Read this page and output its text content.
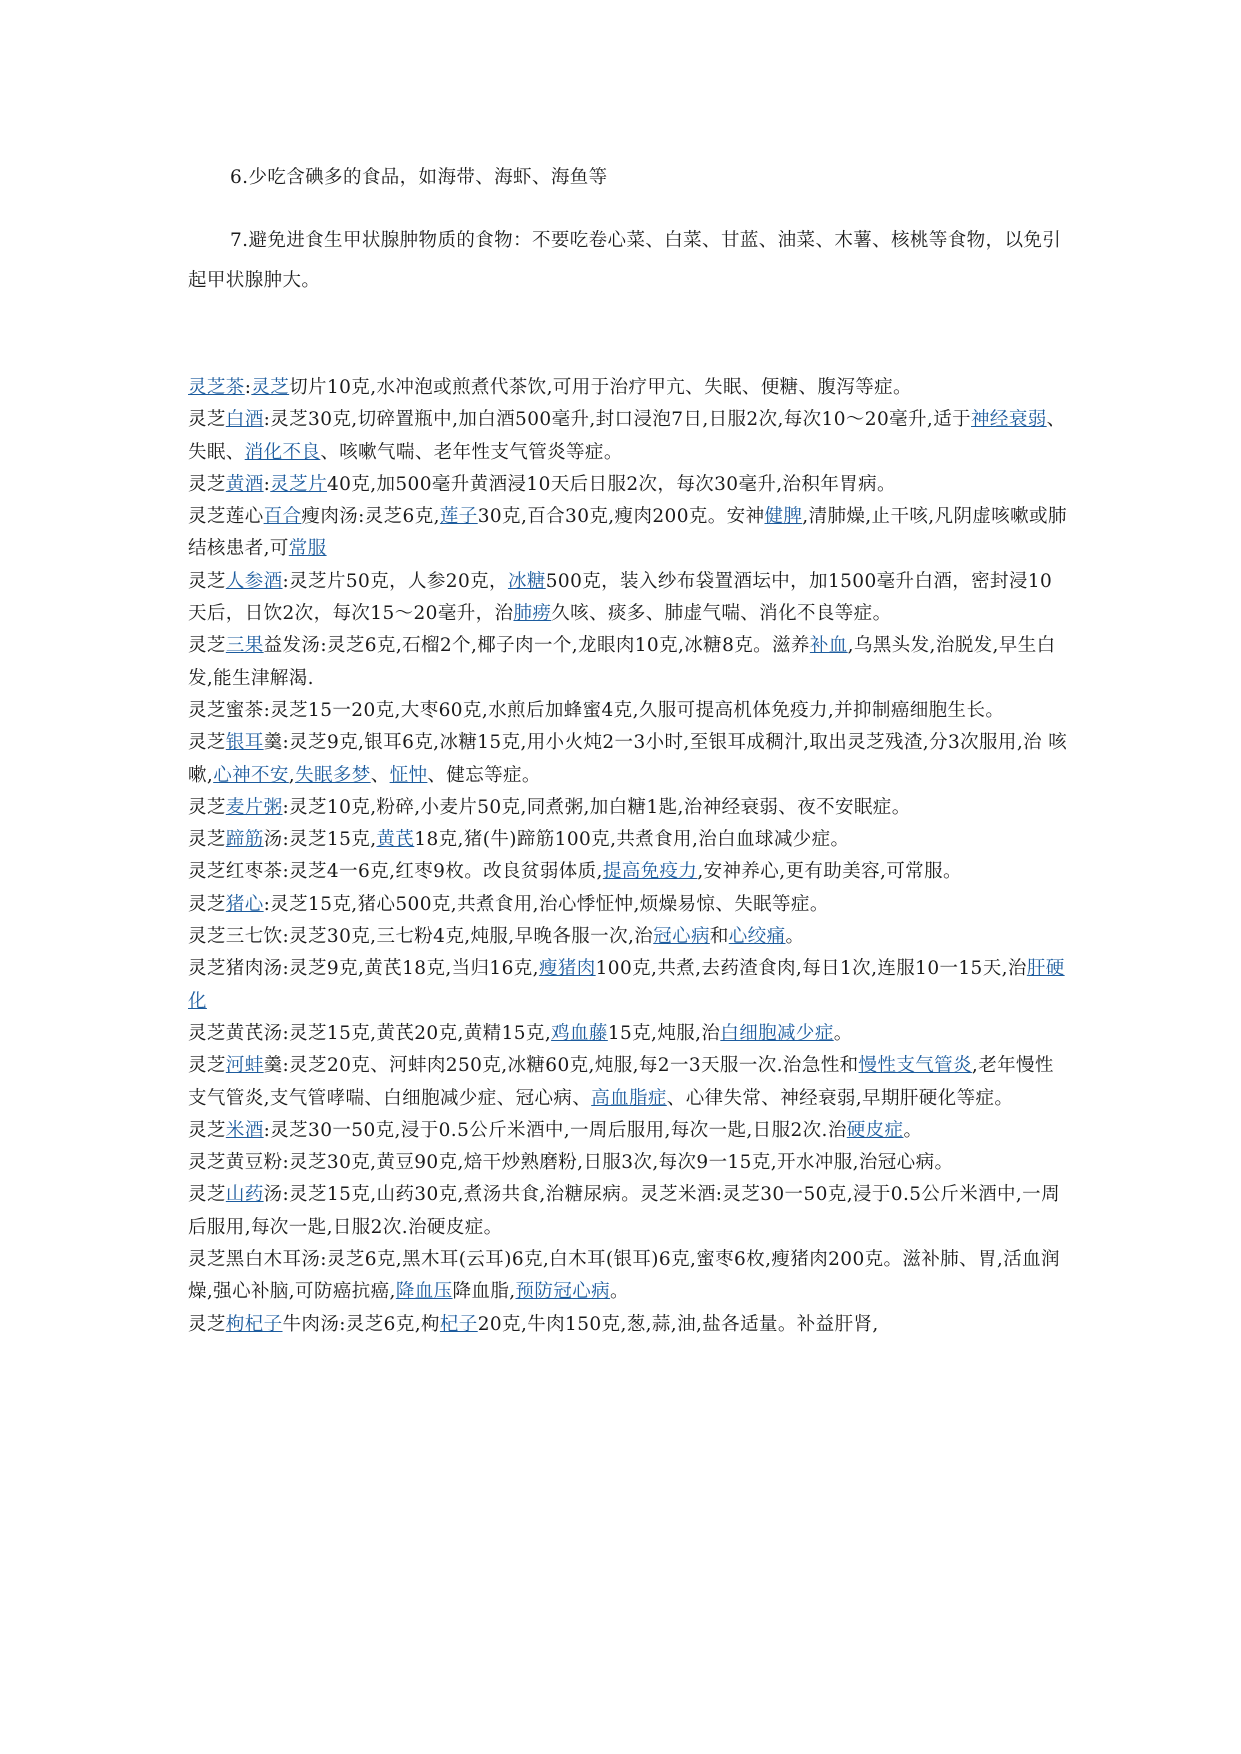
6.少吃含碘多的食品，如海带、海虾、海鱼等

7.避免进食生甲状腺肿物质的食物：不要吃卷心菜、白菜、甘蓝、油菜、木薯、核桃等食物，以免引起甲状腺肿大。

灵芝茶:灵芝切片10克,水冲泡或煎煮代茶饮,可用于治疗甲亢、失眠、便糖、腹泻等症。

灵芝白酒:灵芝30克,切碎置瓶中,加白酒500毫升,封口浸泡7日,日服2次,每次10～20毫升,适于神经衰弱、失眠、消化不良、咳嗽气喘、老年性支气管炎等症。

灵芝黄酒:灵芝片40克,加500毫升黄酒浸10天后日服2次，每次30毫升,治积年胃病。

灵芝莲心百合瘦肉汤:灵芝6克,莲子30克,百合30克,瘦肉200克。安神健脾,清肺燥,止干咳,凡阴虚咳嗽或肺结核患者,可常服

灵芝人参酒:灵芝片50克，人参20克，冰糖500克，装入纱布袋置酒坛中，加1500毫升白酒，密封浸10天后，日饮2次，每次15～20毫升，治肺痨久咳、痰多、肺虚气喘、消化不良等症。

灵芝三果益发汤:灵芝6克,石榴2个,椰子肉一个,龙眼肉10克,冰糖8克。滋养补血,乌黑头发,治脱发,早生白发,能生津解渴.

灵芝蜜茶:灵芝15一20克,大枣60克,水煎后加蜂蜜4克,久服可提高机体免疫力,并抑制癌细胞生长。

灵芝银耳羹:灵芝9克,银耳6克,冰糖15克,用小火炖2一3小时,至银耳成稠汁,取出灵芝残渣,分3次服用,治 咳嗽,心神不安,失眠多梦、怔忡、健忘等症。

灵芝麦片粥:灵芝10克,粉碎,小麦片50克,同煮粥,加白糖1匙,治神经衰弱、夜不安眠症。

灵芝蹄筋汤:灵芝15克,黄芪18克,猪(牛)蹄筋100克,共煮食用,治白血球减少症。

灵芝红枣茶:灵芝4一6克,红枣9枚。改良贫弱体质,提高免疫力,安神养心,更有助美容,可常服。

灵芝猪心:灵芝15克,猪心500克,共煮食用,治心悸怔忡,烦燥易惊、失眠等症。

灵芝三七饮:灵芝30克,三七粉4克,炖服,早晚各服一次,治冠心病和心绞痛。

灵芝猪肉汤:灵芝9克,黄芪18克,当归16克,瘦猪肉100克,共煮,去药渣食肉,每日1次,连服10一15天,治肝硬化

灵芝黄芪汤:灵芝15克,黄芪20克,黄精15克,鸡血藤15克,炖服,治白细胞减少症。

灵芝河蚌羹:灵芝20克、河蚌肉250克,冰糖60克,炖服,每2一3天服一次.治急性和慢性支气管炎,老年慢性支气管炎,支气管哮喘、白细胞减少症、冠心病、高血脂症、心律失常、神经衰弱,早期肝硬化等症。

灵芝米酒:灵芝30一50克,浸于0.5公斤米酒中,一周后服用,每次一匙,日服2次.治硬皮症。

灵芝黄豆粉:灵芝30克,黄豆90克,焙干炒熟磨粉,日服3次,每次9一15克,开水冲服,治冠心病。

灵芝山药汤:灵芝15克,山药30克,煮汤共食,治糖尿病。灵芝米酒:灵芝30一50克,浸于0.5公斤米酒中,一周后服用,每次一匙,日服2次.治硬皮症。

灵芝黑白木耳汤:灵芝6克,黑木耳(云耳)6克,白木耳(银耳)6克,蜜枣6枚,瘦猪肉200克。滋补肺、胃,活血润燥,强心补脑,可防癌抗癌,降血压降血脂,预防冠心病。

灵芝枸杞子牛肉汤:灵芝6克,枸杞子20克,牛肉150克,葱,蒜,油,盐各适量。补益肝肾,
